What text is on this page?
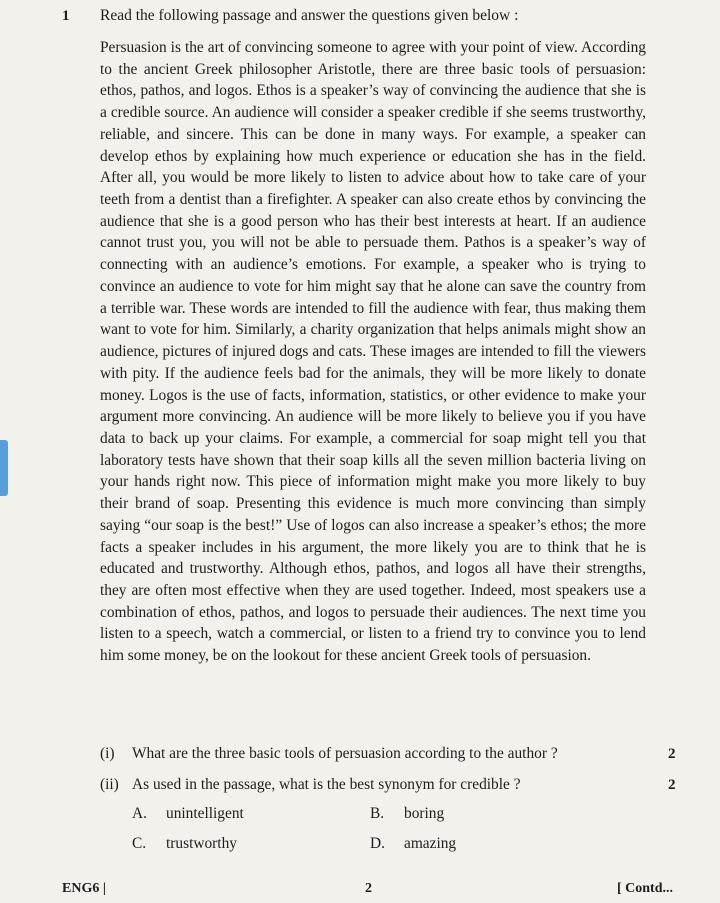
1 Read the following passage and answer the questions given below :

Persuasion is the art of convincing someone to agree with your point of view. According to the ancient Greek philosopher Aristotle, there are three basic tools of persuasion: ethos, pathos, and logos. Ethos is a speaker’s way of convincing the audience that she is a credible source. An audience will consider a speaker credible if she seems trustworthy, reliable, and sincere. This can be done in many ways. For example, a speaker can develop ethos by explaining how much experience or education she has in the field. After all, you would be more likely to listen to advice about how to take care of your teeth from a dentist than a firefighter. A speaker can also create ethos by convincing the audience that she is a good person who has their best interests at heart. If an audience cannot trust you, you will not be able to persuade them. Pathos is a speaker’s way of connecting with an audience’s emotions. For example, a speaker who is trying to convince an audience to vote for him might say that he alone can save the country from a terrible war. These words are intended to fill the audience with fear, thus making them want to vote for him. Similarly, a charity organization that helps animals might show an audience, pictures of injured dogs and cats. These images are intended to fill the viewers with pity. If the audience feels bad for the animals, they will be more likely to donate money. Logos is the use of facts, information, statistics, or other evidence to make your argument more convincing. An audience will be more likely to believe you if you have data to back up your claims. For example, a commercial for soap might tell you that laboratory tests have shown that their soap kills all the seven million bacteria living on your hands right now. This piece of information might make you more likely to buy their brand of soap. Presenting this evidence is much more convincing than simply saying “our soap is the best!” Use of logos can also increase a speaker’s ethos; the more facts a speaker includes in his argument, the more likely you are to think that he is educated and trustworthy. Although ethos, pathos, and logos all have their strengths, they are often most effective when they are used together. Indeed, most speakers use a combination of ethos, pathos, and logos to persuade their audiences. The next time you listen to a speech, watch a commercial, or listen to a friend try to convince you to lend him some money, be on the lookout for these ancient Greek tools of persuasion.

(i)	What are the three basic tools of persuasion according to the author ?	2
(ii) As used in the passage, what is the best synonym for credible ?	2
A. unintelligent	B. boring
C. trustworthy	D. amazing
ENG6 |	2	[ Contd...
